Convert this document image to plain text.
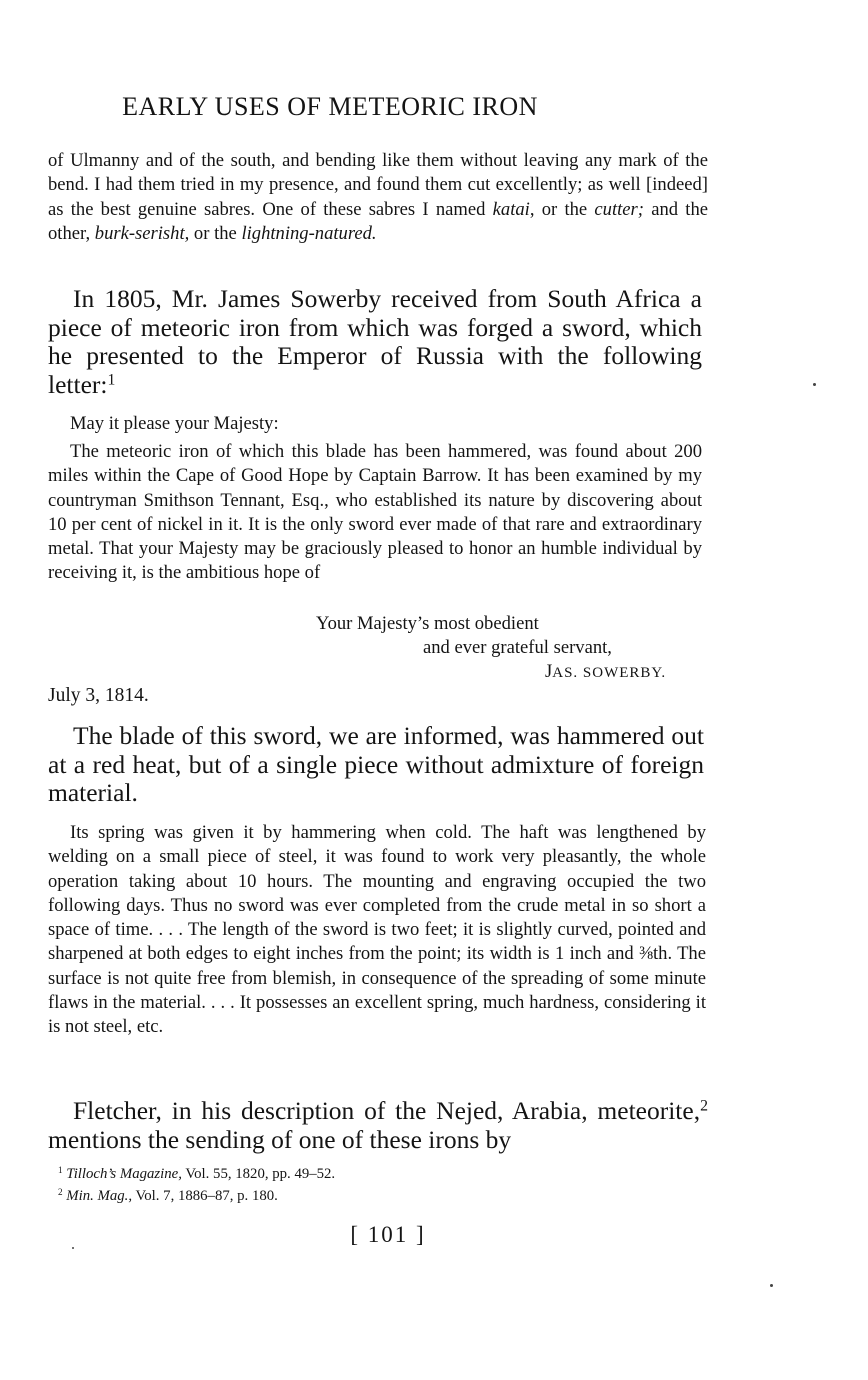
EARLY USES OF METEORIC IRON

of Ulmanny and of the south, and bending like them without leaving any mark of the bend. I had them tried in my presence, and found them cut excellently; as well [indeed] as the best genuine sabres. One of these sabres I named katai, or the cutter; and the other, burk-serisht, or the lightning-natured.

In 1805, Mr. James Sowerby received from South Africa a piece of meteoric iron from which was forged a sword, which he presented to the Emperor of Russia with the following letter:$^1$

May it please your Majesty:

The meteoric iron of which this blade has been hammered, was found about 200 miles within the Cape of Good Hope by Captain Barrow. It has been examined by my countryman Smithson Tennant, Esq., who established its nature by discovering about 10 per cent of nickel in it. It is the only sword ever made of that rare and extraordinary metal. That your Majesty may be graciously pleased to honor an humble individual by receiving it, is the ambitious hope of

Your Majesty’s most obedient

and ever grateful servant,

JAS. SOWERBY.

July 3, 1814.

The blade of this sword, we are informed, was hammered out at a red heat, but of a single piece without admixture of foreign material.

Its spring was given it by hammering when cold. The haft was lengthened by welding on a small piece of steel, it was found to work very pleasantly, the whole operation taking about 10 hours. The mounting and engraving occupied the two following days. Thus no sword was ever completed from the crude metal in so short a space of time. . . . The length of the sword is two feet; it is slightly curved, pointed and sharpened at both edges to eight inches from the point; its width is 1 inch and ⅜th. The surface is not quite free from blemish, in consequence of the spreading of some minute flaws in the material. . . . It possesses an excellent spring, much hardness, considering it is not steel, etc.

Fletcher, in his description of the Nejed, Arabia, meteorite,$^2$ mentions the sending of one of these irons by

$^1$ Tilloch’s Magazine, Vol. 55, 1820, pp. 49–52.

$^2$ Min. Mag., Vol. 7, 1886–87, p. 180.

[ 101 ]
